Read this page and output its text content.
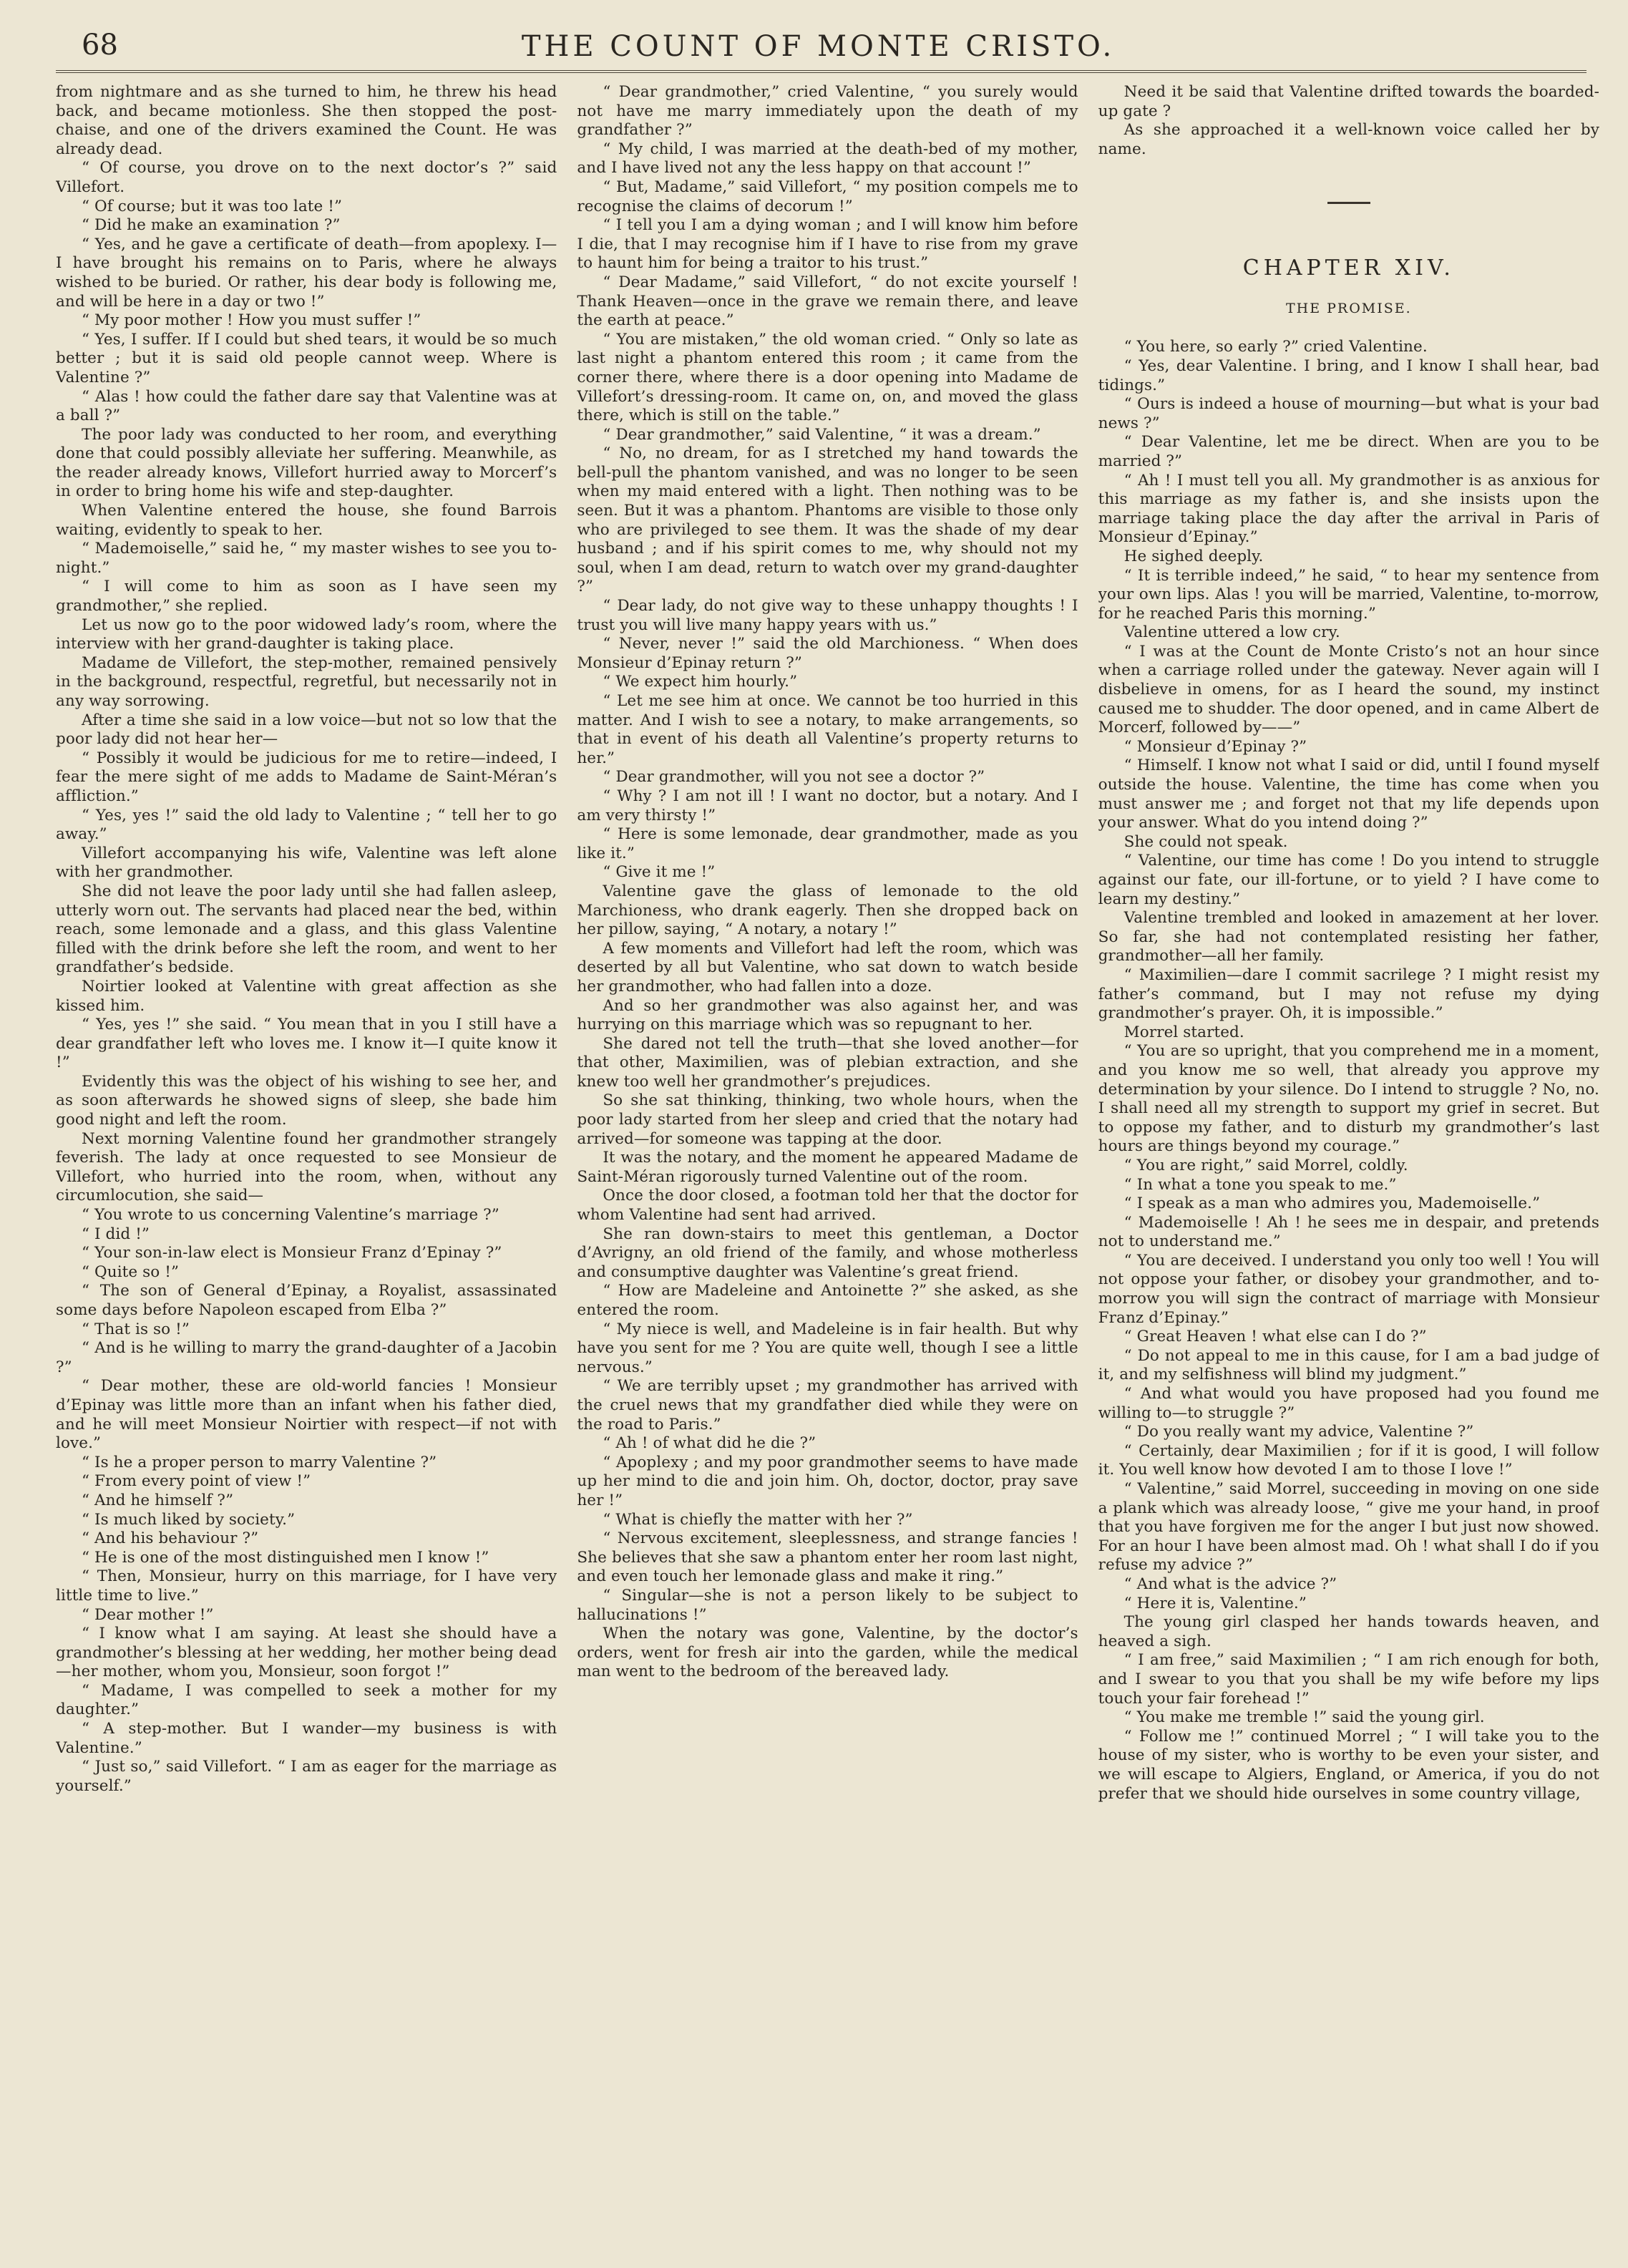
68	THE COUNT OF MONTE CRISTO.

from nightmare and as she turned to him, he threw his head back, and became motionless. She then stopped the post-chaise, and one of the drivers examined the Count. He was already dead.

“ Of course, you drove on to the next doctor’s ?” said Villefort.

“ Of course; but it was too late !”

“ Did he make an examination ?”

“ Yes, and he gave a certificate of death—from apoplexy. I—I have brought his remains on to Paris, where he always wished to be buried. Or rather, his dear body is following me, and will be here in a day or two !”

“ My poor mother ! How you must suffer !”

“ Yes, I suffer. If I could but shed tears, it would be so much better ; but it is said old people cannot weep. Where is Valentine ?”

“ Alas ! how could the father dare say that Valentine was at a ball ?”

The poor lady was conducted to her room, and everything done that could possibly alleviate her suffering. Meanwhile, as the reader already knows, Villefort hurried away to Morcerf’s in order to bring home his wife and step-daughter.

When Valentine entered the house, she found Barrois waiting, evidently to speak to her.

“ Mademoiselle,” said he, “ my master wishes to see you to-night.”

“ I will come to him as soon as I have seen my grandmother,” she replied.

Let us now go to the poor widowed lady’s room, where the interview with her grand-daughter is taking place.

Madame de Villefort, the step-mother, remained pensively in the background, respectful, regretful, but necessarily not in any way sorrowing.

After a time she said in a low voice—but not so low that the poor lady did not hear her—

“ Possibly it would be judicious for me to retire—indeed, I fear the mere sight of me adds to Madame de Saint-Méran’s affliction.”

“ Yes, yes !” said the old lady to Valentine ; “ tell her to go away.”

Villefort accompanying his wife, Valentine was left alone with her grandmother.

She did not leave the poor lady until she had fallen asleep, utterly worn out. The servants had placed near the bed, within reach, some lemonade and a glass, and this glass Valentine filled with the drink before she left the room, and went to her grandfather’s bedside.

Noirtier looked at Valentine with great affection as she kissed him.

“ Yes, yes !” she said. “ You mean that in you I still have a dear grandfather left who loves me. I know it—I quite know it !”

Evidently this was the object of his wishing to see her, and as soon afterwards he showed signs of sleep, she bade him good night and left the room.

Next morning Valentine found her grandmother strangely feverish. The lady at once requested to see Monsieur de Villefort, who hurried into the room, when, without any circumlocution, she said—

“ You wrote to us concerning Valentine’s marriage ?”

“ I did !”

“ Your son-in-law elect is Monsieur Franz d’Epinay ?”

“ Quite so !”

“ The son of General d’Epinay, a Royalist, assassinated some days before Napoleon escaped from Elba ?”

“ That is so !”

“ And is he willing to marry the grand-daughter of a Jacobin ?”

“ Dear mother, these are old-world fancies ! Monsieur d’Epinay was little more than an infant when his father died, and he will meet Monsieur Noirtier with respect—if not with love.”

“ Is he a proper person to marry Valentine ?”

“ From every point of view !”

“ And he himself ?”

“ Is much liked by society.”

“ And his behaviour ?”

“ He is one of the most distinguished men I know !”

“ Then, Monsieur, hurry on this marriage, for I have very little time to live.”

“ Dear mother !”

“ I know what I am saying. At least she should have a grandmother’s blessing at her wedding, her mother being dead—her mother, whom you, Monsieur, soon forgot !”

“ Madame, I was compelled to seek a mother for my daughter.”

“ A step-mother. But I wander—my business is with Valentine.”

“ Just so,” said Villefort. “ I am as eager for the marriage as yourself.”

“ Dear grandmother,” cried Valentine, “ you surely would not have me marry immediately upon the death of my grandfather ?”

“ My child, I was married at the death-bed of my mother, and I have lived not any the less happy on that account !”

“ But, Madame,” said Villefort, “ my position compels me to recognise the claims of decorum !”

“ I tell you I am a dying woman ; and I will know him before I die, that I may recognise him if I have to rise from my grave to haunt him for being a traitor to his trust.”

“ Dear Madame,” said Villefort, “ do not excite yourself ! Thank Heaven—once in the grave we remain there, and leave the earth at peace.”

“ You are mistaken,” the old woman cried. “ Only so late as last night a phantom entered this room ; it came from the corner there, where there is a door opening into Madame de Villefort’s dressing-room. It came on, on, and moved the glass there, which is still on the table.”

“ Dear grandmother,” said Valentine, “ it was a dream.”

“ No, no dream, for as I stretched my hand towards the bell-pull the phantom vanished, and was no longer to be seen when my maid entered with a light. Then nothing was to be seen. But it was a phantom. Phantoms are visible to those only who are privileged to see them. It was the shade of my dear husband ; and if his spirit comes to me, why should not my soul, when I am dead, return to watch over my grand-daughter ?”

“ Dear lady, do not give way to these unhappy thoughts ! I trust you will live many happy years with us.”

“ Never, never !” said the old Marchioness. “ When does Monsieur d’Epinay return ?”

“ We expect him hourly.”

“ Let me see him at once. We cannot be too hurried in this matter. And I wish to see a notary, to make arrangements, so that in event of his death all Valentine’s property returns to her.”

“ Dear grandmother, will you not see a doctor ?”

“ Why ? I am not ill ! I want no doctor, but a notary. And I am very thirsty !”

“ Here is some lemonade, dear grandmother, made as you like it.”

“ Give it me !”

Valentine gave the glass of lemonade to the old Marchioness, who drank eagerly. Then she dropped back on her pillow, saying, “ A notary, a notary !”

A few moments and Villefort had left the room, which was deserted by all but Valentine, who sat down to watch beside her grandmother, who had fallen into a doze.

And so her grandmother was also against her, and was hurrying on this marriage which was so repugnant to her.

She dared not tell the truth—that she loved another—for that other, Maximilien, was of plebian extraction, and she knew too well her grandmother’s prejudices.

So she sat thinking, thinking, two whole hours, when the poor lady started from her sleep and cried that the notary had arrived—for someone was tapping at the door.

It was the notary, and the moment he appeared Madame de Saint-Méran rigorously turned Valentine out of the room.

Once the door closed, a footman told her that the doctor for whom Valentine had sent had arrived.

She ran down-stairs to meet this gentleman, a Doctor d’Avrigny, an old friend of the family, and whose motherless and consumptive daughter was Valentine’s great friend.

“ How are Madeleine and Antoinette ?” she asked, as she entered the room.

“ My niece is well, and Madeleine is in fair health. But why have you sent for me ? You are quite well, though I see a little nervous.”

“ We are terribly upset ; my grandmother has arrived with the cruel news that my grandfather died while they were on the road to Paris.”

“ Ah ! of what did he die ?”

“ Apoplexy ; and my poor grandmother seems to have made up her mind to die and join him. Oh, doctor, doctor, pray save her !”

“ What is chiefly the matter with her ?”

“ Nervous excitement, sleeplessness, and strange fancies ! She believes that she saw a phantom enter her room last night, and even touch her lemonade glass and make it ring.”

“ Singular—she is not a person likely to be subject to hallucinations !”

When the notary was gone, Valentine, by the doctor’s orders, went for fresh air into the garden, while the medical man went to the bedroom of the bereaved lady.

Need it be said that Valentine drifted towards the boarded-up gate ?

As she approached it a well-known voice called her by name.

CHAPTER XIV.
THE PROMISE.

“ You here, so early ?” cried Valentine.

“ Yes, dear Valentine. I bring, and I know I shall hear, bad tidings.”

“ Ours is indeed a house of mourning—but what is your bad news ?”

“ Dear Valentine, let me be direct. When are you to be married ?”

“ Ah ! I must tell you all. My grandmother is as anxious for this marriage as my father is, and she insists upon the marriage taking place the day after the arrival in Paris of Monsieur d’Epinay.”

He sighed deeply.

“ It is terrible indeed,” he said, “ to hear my sentence from your own lips. Alas ! you will be married, Valentine, to-morrow, for he reached Paris this morning.”

Valentine uttered a low cry.

“ I was at the Count de Monte Cristo’s not an hour since when a carriage rolled under the gateway. Never again will I disbelieve in omens, for as I heard the sound, my instinct caused me to shudder. The door opened, and in came Albert de Morcerf, followed by——”

“ Monsieur d’Epinay ?”

“ Himself. I know not what I said or did, until I found myself outside the house. Valentine, the time has come when you must answer me ; and forget not that my life depends upon your answer. What do you intend doing ?”

She could not speak.

“ Valentine, our time has come ! Do you intend to struggle against our fate, our ill-fortune, or to yield ? I have come to learn my destiny.”

Valentine trembled and looked in amazement at her lover. So far, she had not contemplated resisting her father, grandmother—all her family.

“ Maximilien—dare I commit sacrilege ? I might resist my father’s command, but I may not refuse my dying grandmother’s prayer. Oh, it is impossible.”

Morrel started.

“ You are so upright, that you comprehend me in a moment, and you know me so well, that already you approve my determination by your silence. Do I intend to struggle ? No, no. I shall need all my strength to support my grief in secret. But to oppose my father, and to disturb my grandmother’s last hours are things beyond my courage.”

“ You are right,” said Morrel, coldly.

“ In what a tone you speak to me.”

“ I speak as a man who admires you, Mademoiselle.”

“ Mademoiselle ! Ah ! he sees me in despair, and pretends not to understand me.”

“ You are deceived. I understand you only too well ! You will not oppose your father, or disobey your grandmother, and to-morrow you will sign the contract of marriage with Monsieur Franz d’Epinay.”

“ Great Heaven ! what else can I do ?”

“ Do not appeal to me in this cause, for I am a bad judge of it, and my selfishness will blind my judgment.”

“ And what would you have proposed had you found me willing to—to struggle ?”

“ Do you really want my advice, Valentine ?”

“ Certainly, dear Maximilien ; for if it is good, I will follow it. You well know how devoted I am to those I love !”

“ Valentine,” said Morrel, succeeding in moving on one side a plank which was already loose, “ give me your hand, in proof that you have forgiven me for the anger I but just now showed. For an hour I have been almost mad. Oh ! what shall I do if you refuse my advice ?”

“ And what is the advice ?”

“ Here it is, Valentine.”

The young girl clasped her hands towards heaven, and heaved a sigh.

“ I am free,” said Maximilien ; “ I am rich enough for both, and I swear to you that you shall be my wife before my lips touch your fair forehead !”

“ You make me tremble !” said the young girl.

“ Follow me !” continued Morrel ; “ I will take you to the house of my sister, who is worthy to be even your sister, and we will escape to Algiers, England, or America, if you do not prefer that we should hide ourselves in some country village,
